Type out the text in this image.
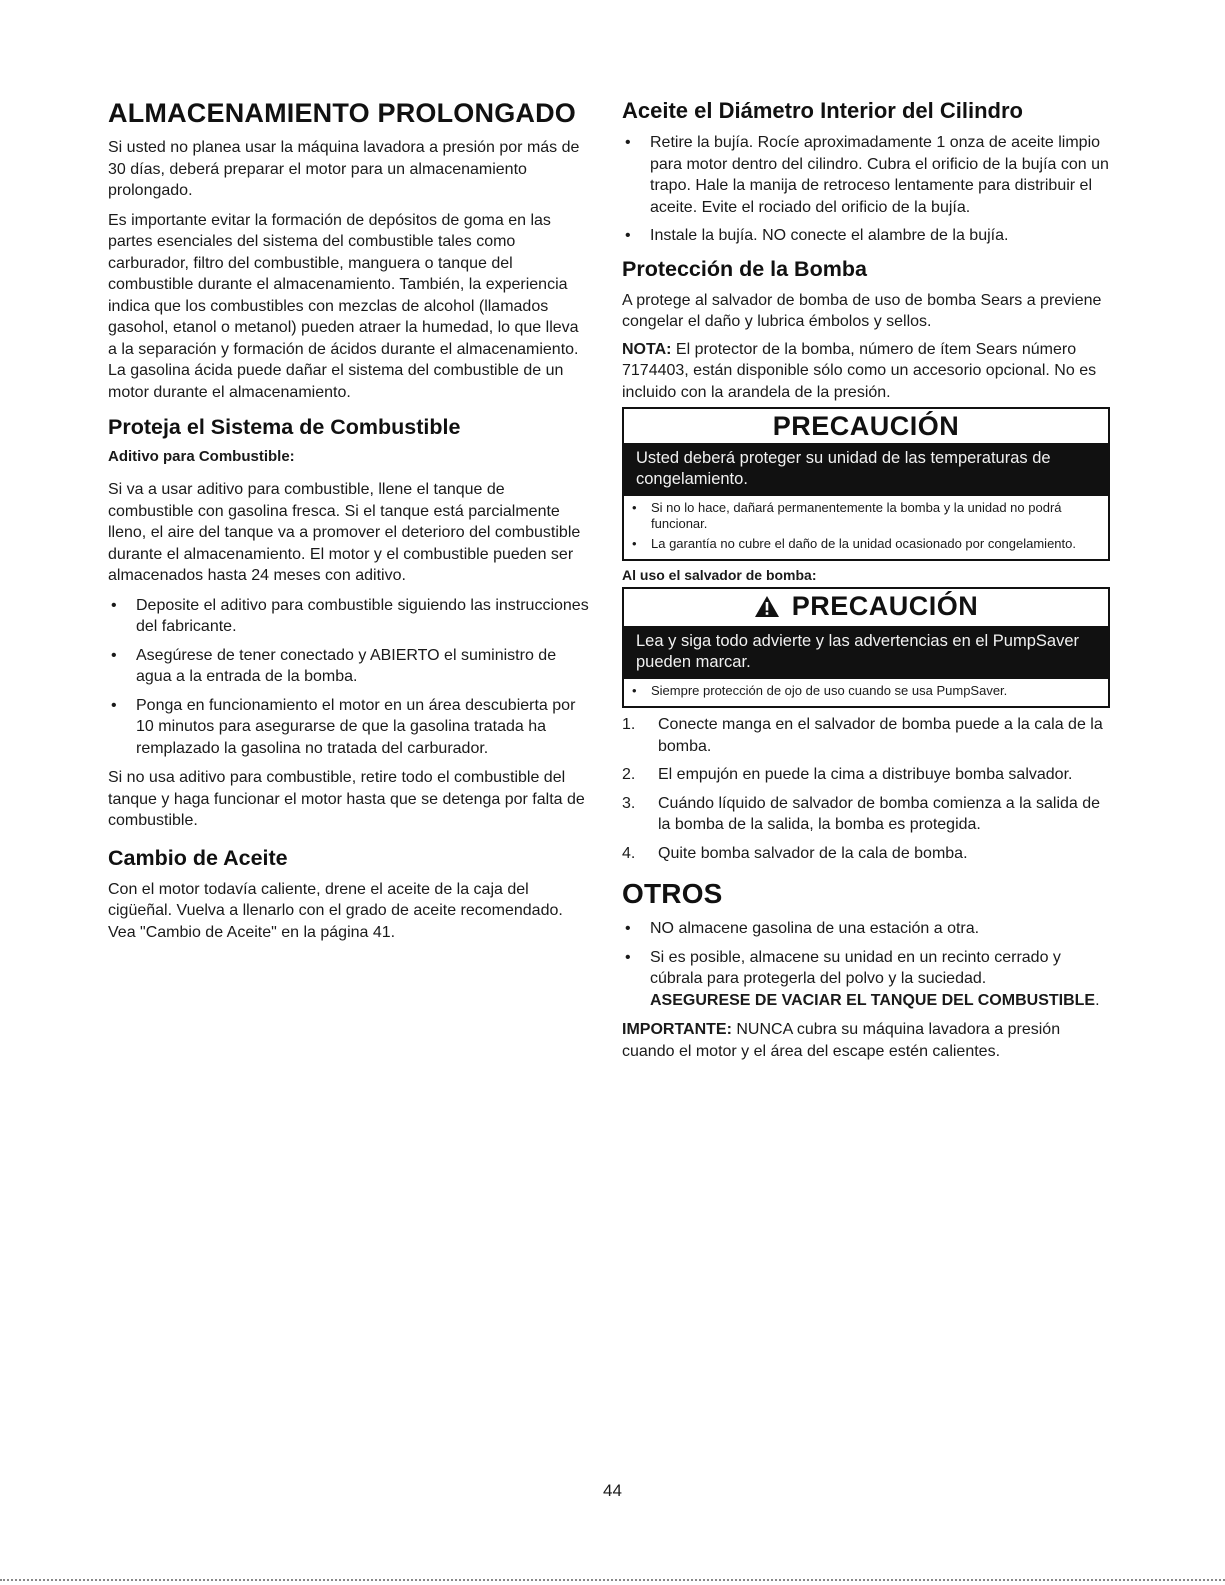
ALMACENAMIENTO PROLONGADO

Si usted no planea usar la máquina lavadora a presión por más de 30 días, deberá preparar el motor para un almacenamiento prolongado.

Es importante evitar la formación de depósitos de goma en las partes esenciales del sistema del combustible tales como carburador, filtro del combustible, manguera o tanque del combustible durante el almacenamiento. También, la experiencia indica que los combustibles con mezclas de alcohol (llamados gasohol, etanol o metanol) pueden atraer la humedad, lo que lleva a la separación y formación de ácidos durante el almacenamiento. La gasolina ácida puede dañar el sistema del combustible de un motor durante el almacenamiento.

Proteja el Sistema de Combustible

Aditivo para Combustible:

Si va a usar aditivo para combustible, llene el tanque de combustible con gasolina fresca. Si el tanque está parcialmente lleno, el aire del tanque va a promover el deterioro del combustible durante el almacenamiento. El motor y el combustible pueden ser almacenados hasta 24 meses con aditivo.

• Deposite el aditivo para combustible siguiendo las instrucciones del fabricante.
• Asegúrese de tener conectado y ABIERTO el suministro de agua a la entrada de la bomba.
• Ponga en funcionamiento el motor en un área descubierta por 10 minutos para asegurarse de que la gasolina tratada ha remplazado la gasolina no tratada del carburador.

Si no usa aditivo para combustible, retire todo el combustible del tanque y haga funcionar el motor hasta que se detenga por falta de combustible.

Cambio de Aceite

Con el motor todavía caliente, drene el aceite de la caja del cigüeñal. Vuelva a llenarlo con el grado de aceite recomendado. Vea "Cambio de Aceite" en la página 41.

Aceite el Diámetro Interior del Cilindro
• Retire la bujía. Rocíe aproximadamente 1 onza de aceite limpio para motor dentro del cilindro. Cubra el orificio de la bujía con un trapo. Hale la manija de retroceso lentamente para distribuir el aceite. Evite el rociado del orificio de la bujía.
• Instale la bujía. NO conecte el alambre de la bujía.
Protección de la Bomba

A protege al salvador de bomba de uso de bomba Sears a previene congelar el daño y lubrica émbolos y sellos.

NOTA: El protector de la bomba, número de ítem Sears número 7174403, están disponible sólo como un accesorio opcional. No es incluido con la arandela de la presión.

PRECAUCIÓN
Usted deberá proteger su unidad de las temperaturas de congelamiento.
• Si no lo hace, dañará permanentemente la bomba y la unidad no podrá funcionar.
• La garantía no cubre el daño de la unidad ocasionado por congelamiento.

Al uso el salvador de bomba:

PRECAUCIÓN
Lea y siga todo advierte y las advertencias en el PumpSaver pueden marcar.
• Siempre protección de ojo de uso cuando se usa PumpSaver.
1. Conecte manga en el salvador de bomba puede a la cala de la bomba.
2. El empujón en puede la cima a distribuye bomba salvador.
3. Cuándo líquido de salvador de bomba comienza a la salida de la bomba de la salida, la bomba es protegida.
4. Quite bomba salvador de la cala de bomba.
OTROS
• NO almacene gasolina de una estación a otra.
• Si es posible, almacene su unidad en un recinto cerrado y cúbrala para protegerla del polvo y la suciedad.
ASEGURESE DE VACIAR EL TANQUE DEL COMBUSTIBLE.

IMPORTANTE: NUNCA cubra su máquina lavadora a presión cuando el motor y el área del escape estén calientes.

44
